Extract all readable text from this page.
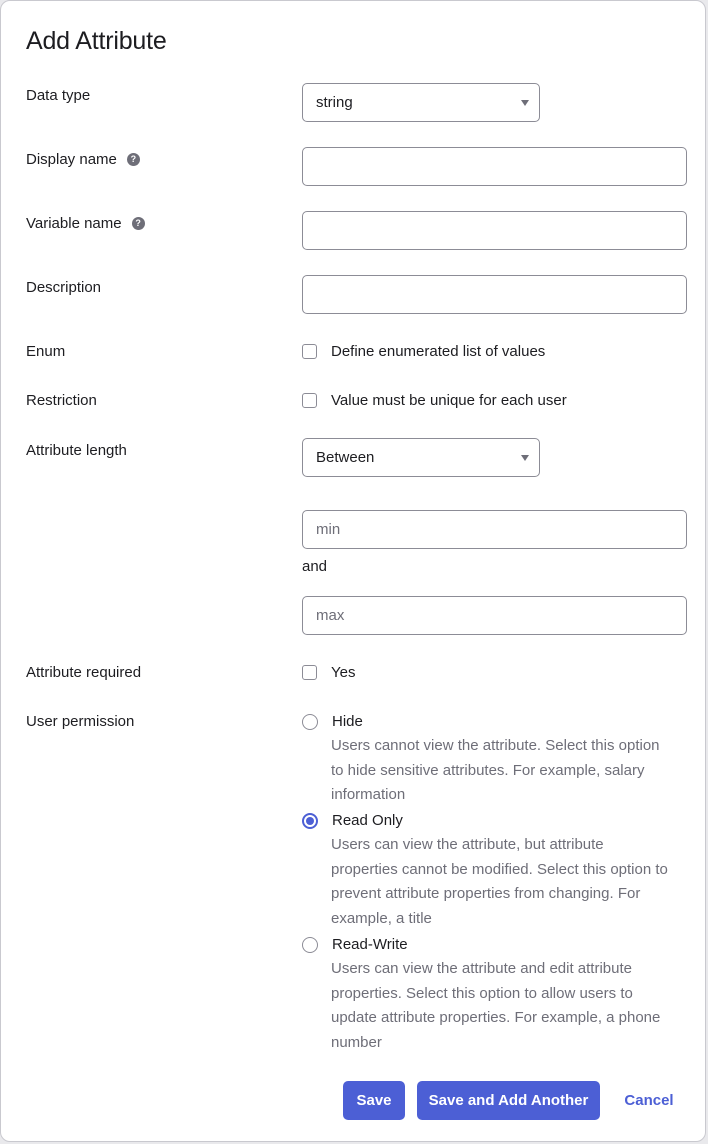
Add Attribute
Data type	string
Display name	?
Variable name	?
Description
Enum	Define enumerated list of values
Restriction	Value must be unique for each user
Attribute length	Between
min
and
max
Attribute required	Yes
User permission	Hide
Users cannot view the attribute. Select this option
to hide sensitive attributes. For example, salary
information
Read Only
Users can view the attribute, but attribute
properties cannot be modified. Select this option to
prevent attribute properties from changing. For
example, a title
Read-Write
Users can view the attribute and edit attribute
properties. Select this option to allow users to
update attribute properties. For example, a phone
number
Save	Save and Add Another	Cancel
